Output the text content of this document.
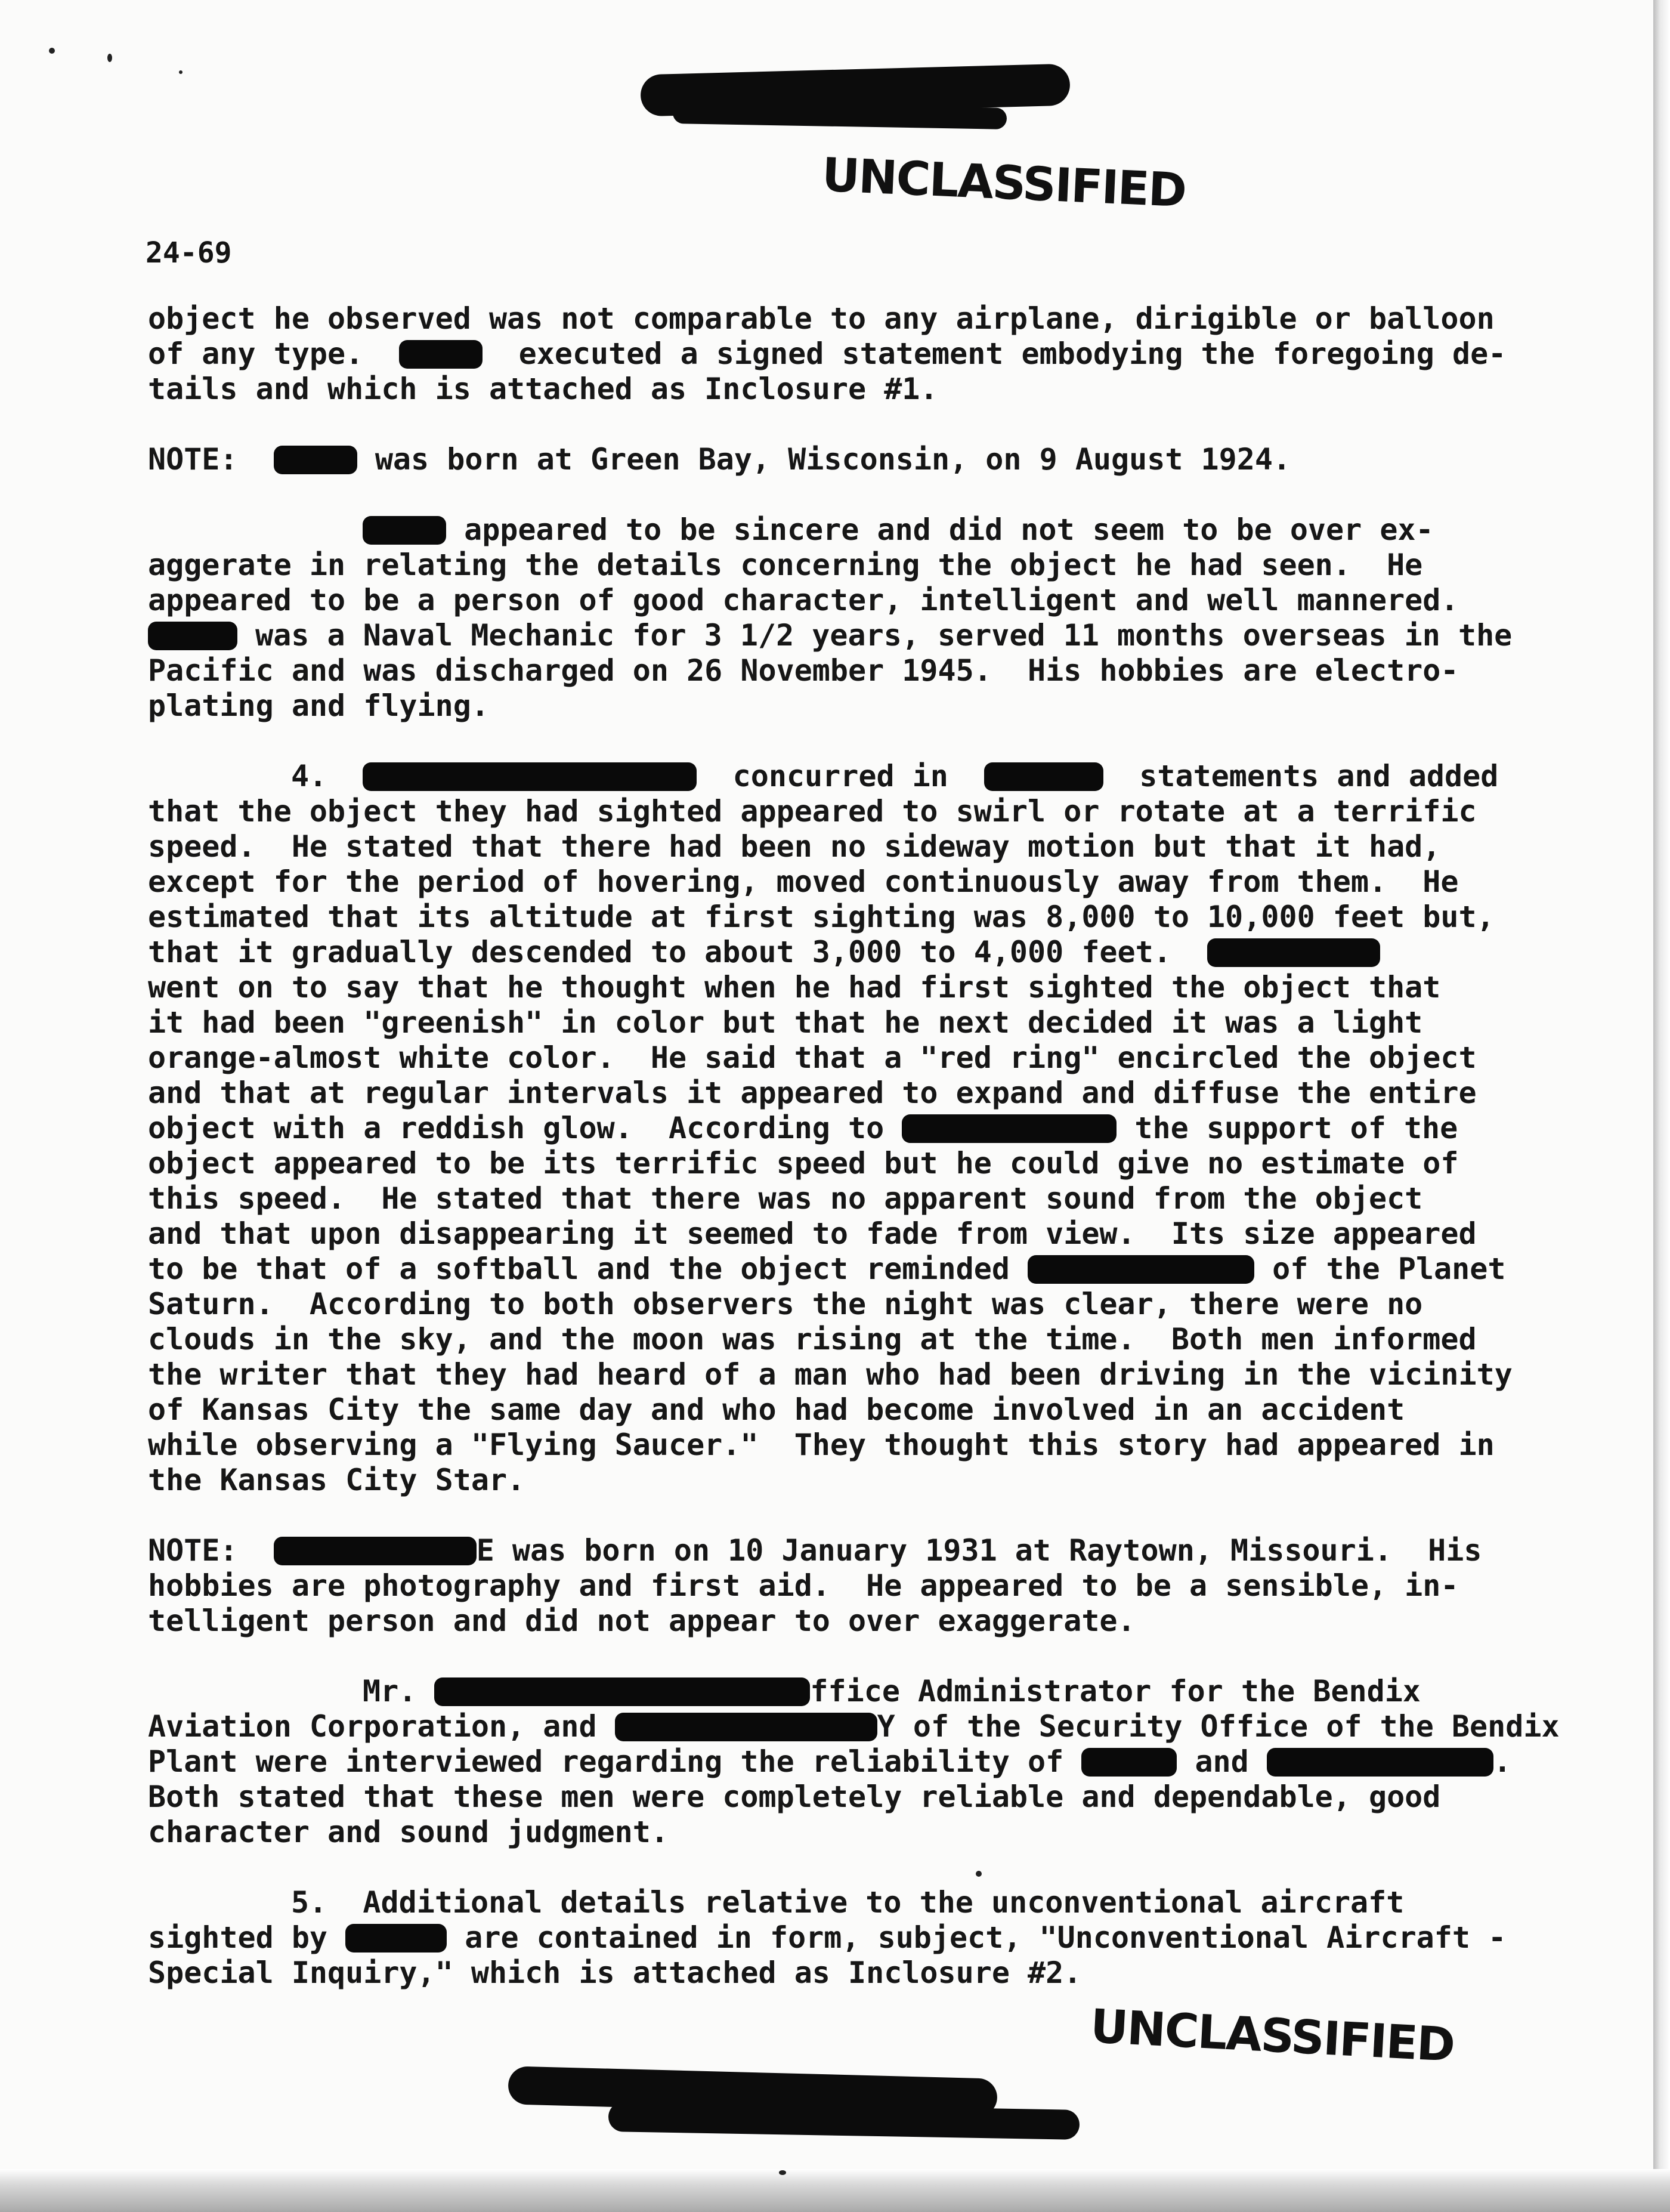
UNCLASSIFIED
UNCLASSIFIED
24-69
object he observed was not comparable to any airplane, dirigible or balloon
of any type.	executed a signed statement embodying the foregoing de-
tails and which is attached as Inclosure #1.
NOTE:	was born at Green Bay, Wisconsin, on 9 August 1924.
appeared to be sincere and did not seem to be over ex-
aggerate in relating the details concerning the object he had seen.  He
appeared to be a person of good character, intelligent and well mannered.
was a Naval Mechanic for 3 1/2 years, served 11 months overseas in the
Pacific and was discharged on 26 November 1945.  His hobbies are electro-
plating and flying.
4.	concurred in	statements and added
that the object they had sighted appeared to swirl or rotate at a terrific
speed.  He stated that there had been no sideway motion but that it had,
except for the period of hovering, moved continuously away from them.  He
estimated that its altitude at first sighting was 8,000 to 10,000 feet but,
that it gradually descended to about 3,000 to 4,000 feet.
went on to say that he thought when he had first sighted the object that
it had been "greenish" in color but that he next decided it was a light
orange-almost white color.  He said that a "red ring" encircled the object
and that at regular intervals it appeared to expand and diffuse the entire
object with a reddish glow.  According to	the support of the
object appeared to be its terrific speed but he could give no estimate of
this speed.  He stated that there was no apparent sound from the object
and that upon disappearing it seemed to fade from view.  Its size appeared
to be that of a softball and the object reminded	of the Planet
Saturn.  According to both observers the night was clear, there were no
clouds in the sky, and the moon was rising at the time.  Both men informed
the writer that they had heard of a man who had been driving in the vicinity
of Kansas City the same day and who had become involved in an accident
while observing a "Flying Saucer."  They thought this story had appeared in
the Kansas City Star.
NOTE:	E was born on 10 January 1931 at Raytown, Missouri.  His
hobbies are photography and first aid.  He appeared to be a sensible, in-
telligent person and did not appear to over exaggerate.
Mr.	ffice Administrator for the Bendix
Aviation Corporation, and	Y of the Security Office of the Bendix
Plant were interviewed regarding the reliability of	and	.
Both stated that these men were completely reliable and dependable, good
character and sound judgment.
5.  Additional details relative to the unconventional aircraft
sighted by	are contained in form, subject, "Unconventional Aircraft -
Special Inquiry," which is attached as Inclosure #2.
